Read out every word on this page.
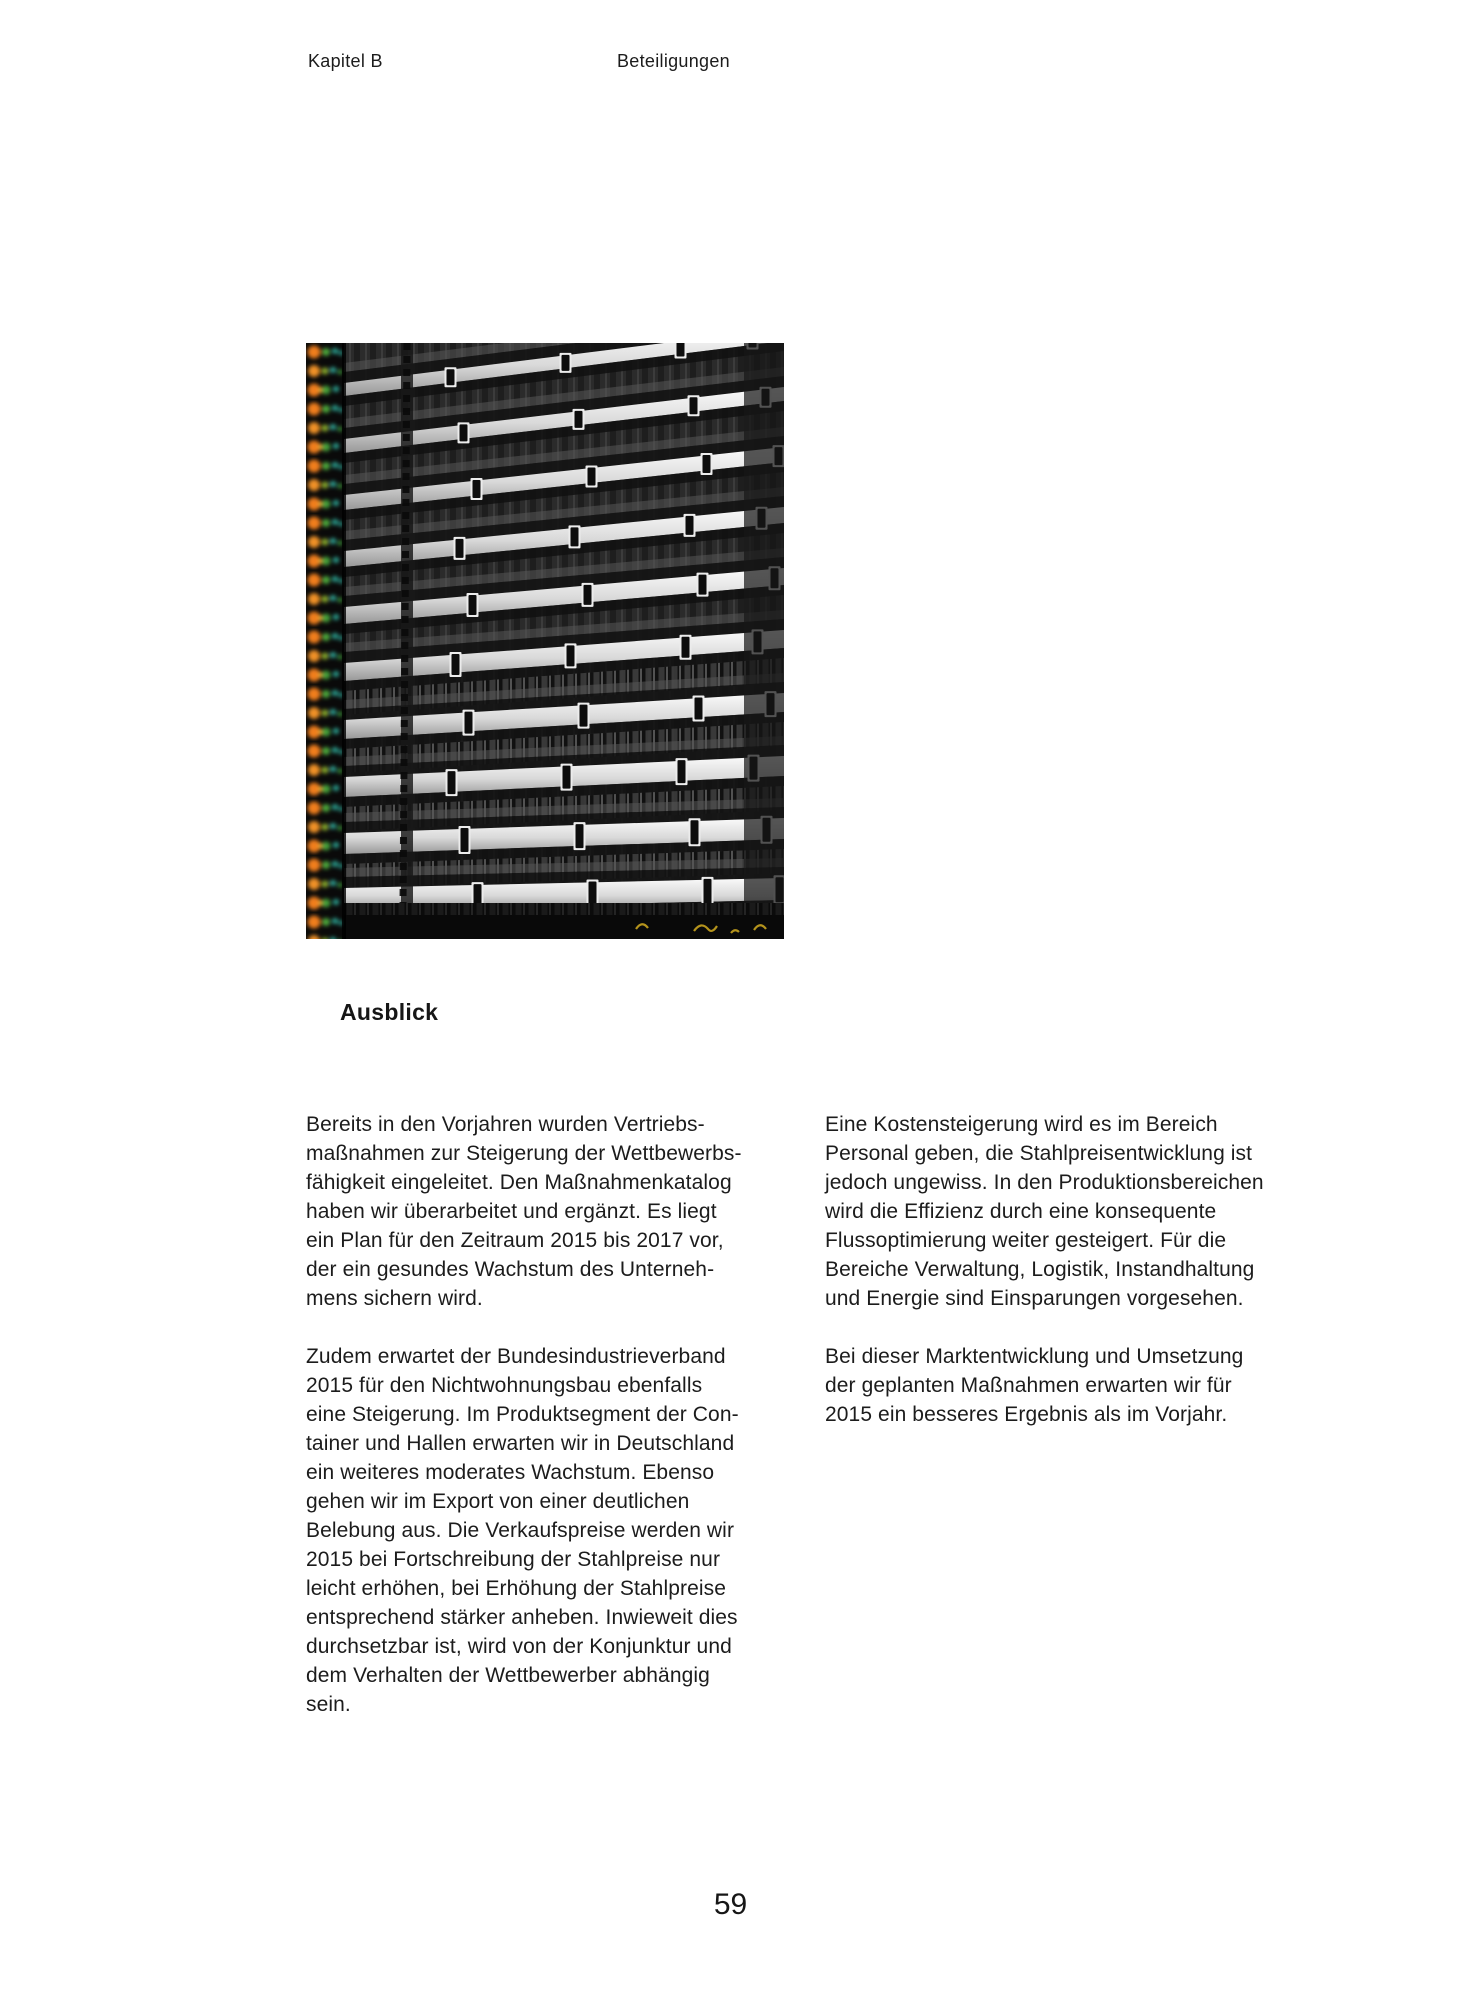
Kapitel B	Beteiligungen
Ausblick

Bereits in den Vorjahren wurden Vertriebs-
maßnahmen zur Steigerung der Wettbewerbs-
fähigkeit eingeleitet. Den Maßnahmenkatalog
haben wir überarbeitet und ergänzt. Es liegt
ein Plan für den Zeitraum 2015 bis 2017 vor,
der ein gesundes Wachstum des Unterneh-
mens sichern wird.

Zudem erwartet der Bundesindustrieverband
2015 für den Nichtwohnungsbau ebenfalls
eine Steigerung. Im Produktsegment der Con-
tainer und Hallen erwarten wir in Deutschland
ein weiteres moderates Wachstum. Ebenso
gehen wir im Export von einer deutlichen
Belebung aus. Die Verkaufspreise werden wir
2015 bei Fortschreibung der Stahlpreise nur
leicht erhöhen, bei Erhöhung der Stahlpreise
entsprechend stärker anheben. Inwieweit dies
durchsetzbar ist, wird von der Konjunktur und
dem Verhalten der Wettbewerber abhängig
sein.

Eine Kostensteigerung wird es im Bereich
Personal geben, die Stahlpreisentwicklung ist
jedoch ungewiss. In den Produktionsbereichen
wird die Effizienz durch eine konsequente
Flussoptimierung weiter gesteigert. Für die
Bereiche Verwaltung, Logistik, Instandhaltung
und Energie sind Einsparungen vorgesehen.

Bei dieser Marktentwicklung und Umsetzung
der geplanten Maßnahmen erwarten wir für
2015 ein besseres Ergebnis als im Vorjahr.

59
